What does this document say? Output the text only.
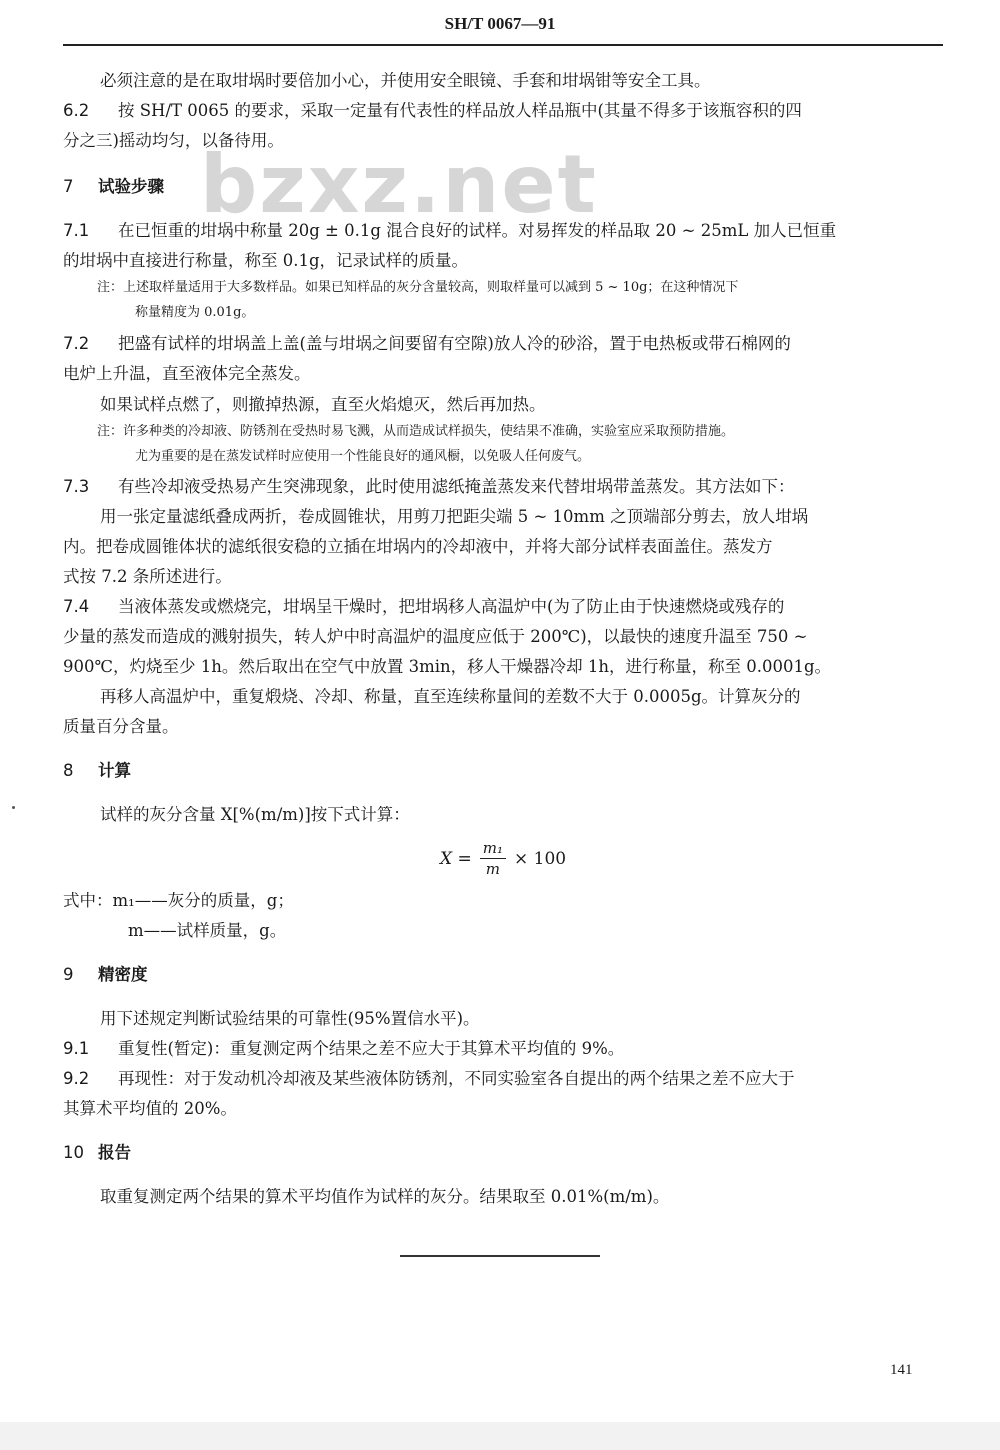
SH/T 0067—91
bzxz.net

必须注意的是在取坩埚时要倍加小心，并使用安全眼镜、手套和坩埚钳等安全工具。

6.2 按 SH/T 0065 的要求，采取一定量有代表性的样品放人样品瓶中(其量不得多于该瓶容积的四

分之三)摇动均匀，以备待用。

7 试验步骤

7.1 在已恒重的坩埚中称量 20g ± 0.1g 混合良好的试样。对易挥发的样品取 20 ~ 25mL 加人已恒重

的坩埚中直接进行称量，称至 0.1g，记录试样的质量。

注：上述取样量适用于大多数样品。如果已知样品的灰分含量较高，则取样量可以减到 5 ~ 10g；在这种情况下
称量精度为 0.01g。

7.2 把盛有试样的坩埚盖上盖(盖与坩埚之间要留有空隙)放人冷的砂浴，置于电热板或带石棉网的

电炉上升温，直至液体完全蒸发。

如果试样点燃了，则撤掉热源，直至火焰熄灭，然后再加热。

注：许多种类的冷却液、防锈剂在受热时易飞溅，从而造成试样损失，使结果不准确，实验室应采取预防措施。
尤为重要的是在蒸发试样时应使用一个性能良好的通风橱，以免吸人任何废气。

7.3 有些冷却液受热易产生突沸现象，此时使用滤纸掩盖蒸发来代替坩埚带盖蒸发。其方法如下：

用一张定量滤纸叠成两折，卷成圆锥状，用剪刀把距尖端 5 ~ 10mm 之顶端部分剪去，放人坩埚

内。把卷成圆锥体状的滤纸很安稳的立插在坩埚内的冷却液中，并将大部分试样表面盖住。蒸发方

式按 7.2 条所述进行。

7.4 当液体蒸发或燃烧完，坩埚呈干燥时，把坩埚移人高温炉中(为了防止由于快速燃烧或残存的

少量的蒸发而造成的溅射损失，转人炉中时高温炉的温度应低于 200℃)，以最快的速度升温至 750 ~

900℃，灼烧至少 1h。然后取出在空气中放置 3min，移人干燥器冷却 1h，进行称量，称至 0.0001g。

再移人高温炉中，重复煅烧、冷却、称量，直至连续称量间的差数不大于 0.0005g。计算灰分的

质量百分含量。

8 计算

试样的灰分含量 X[%(m/m)]按下式计算：

$X = \frac{\text{m₁}}{m} \times 100$

式中：m₁——灰分的质量，g；

m——试样质量，g。

9 精密度

用下述规定判断试验结果的可靠性(95%置信水平)。

9.1 重复性(暂定)：重复测定两个结果之差不应大于其算术平均值的 9%。

9.2 再现性：对于发动机冷却液及某些液体防锈剂，不同实验室各自提出的两个结果之差不应大于

其算术平均值的 20%。

10 报告

取重复测定两个结果的算术平均值作为试样的灰分。结果取至 0.01%(m/m)。

141
